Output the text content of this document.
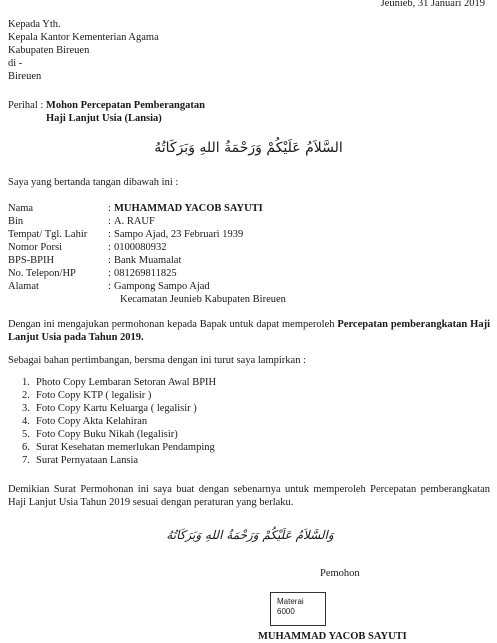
Jeunieb, 31 Januari 2019
Kepada Yth.
Kepala Kantor Kementerian Agama
Kabupaten Bireuen
di -
Bireuen
Perihal : Mohon Percepatan Pemberangatan
Haji Lanjut Usia (Lansia)
السَّلاَمُ عَلَيْكُمْ وَرَحْمَةُ اللهِ وَبَرَكَاتُهُ
Saya yang bertanda tangan dibawah ini :
Nama	: MUHAMMAD YACOB SAYUTI
Bin	: A. RAUF
Tempat/ Tgl. Lahir	: Sampo Ajad, 23 Februari 1939
Nomor Porsi	: 0100080932
BPS-BPIH	: Bank Muamalat
No. Telepon/HP	: 081269811825
Alamat	: Gampong Sampo Ajad
Kecamatan Jeunieb Kabupaten Bireuen
Dengan ini mengajukan permohonan kepada Bapak untuk dapat memperoleh Percepatan pemberangkatan Haji Lanjut Usia pada Tahun 2019.
Sebagai bahan pertimbangan, bersma dengan ini turut saya lampirkan :
1. Photo Copy Lembaran Setoran Awal BPIH
2. Foto Copy KTP ( legalisir )
3. Foto Copy Kartu Keluarga ( legalisir )
4. Foto Copy Akta Kelahiran
5. Foto Copy Buku Nikah (legalisir)
6. Surat Kesehatan memerlukan Pendamping
7. Surat Pernyataan Lansia
Demikian Surat Permohonan ini saya buat dengan sebenarnya untuk memperoleh Percepatan pemberangkatan Haji Lanjut Usia Tahun 2019 sesuai dengan peraturan yang berlaku.
وَالسَّلاَمُ عَلَيْكُمْ وَرَحْمَةُ اللهِ وَبَرَكَاتُهُ
Pemohon
Materai
6000
MUHAMMAD YACOB SAYUTI
